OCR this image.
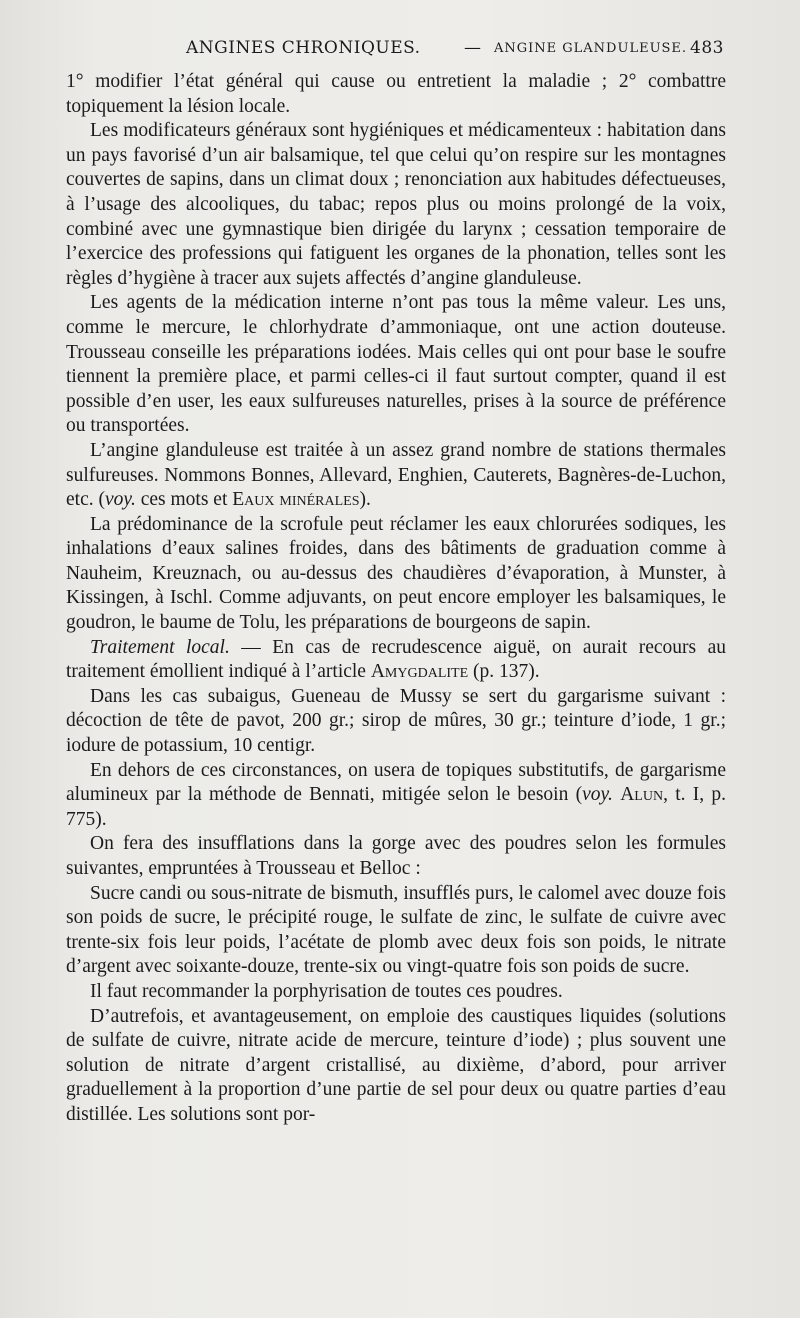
ANGINES CHRONIQUES.	— ANGINE GLANDULEUSE. 483

1° modifier l’état général qui cause ou entretient la maladie ; 2° combattre topiquement la lésion locale.

Les modificateurs généraux sont hygiéniques et médicamenteux : habitation dans un pays favorisé d’un air balsamique, tel que celui qu’on respire sur les montagnes couvertes de sapins, dans un climat doux ; renonciation aux habitudes défectueuses, à l’usage des alcooliques, du tabac; repos plus ou moins prolongé de la voix, combiné avec une gymnastique bien dirigée du larynx ; cessation temporaire de l’exercice des professions qui fatiguent les organes de la phonation, telles sont les règles d’hygiène à tracer aux sujets affectés d’angine glanduleuse.

Les agents de la médication interne n’ont pas tous la même valeur. Les uns, comme le mercure, le chlorhydrate d’ammoniaque, ont une action douteuse. Trousseau conseille les préparations iodées. Mais celles qui ont pour base le soufre tiennent la première place, et parmi celles-ci il faut surtout compter, quand il est possible d’en user, les eaux sulfureuses naturelles, prises à la source de préférence ou transportées.

L’angine glanduleuse est traitée à un assez grand nombre de stations thermales sulfureuses. Nommons Bonnes, Allevard, Enghien, Cauterets, Bagnères-de-Luchon, etc. (voy. ces mots et Eaux minérales).

La prédominance de la scrofule peut réclamer les eaux chlorurées sodiques, les inhalations d’eaux salines froides, dans des bâtiments de graduation comme à Nauheim, Kreuznach, ou au-dessus des chaudières d’évaporation, à Munster, à Kissingen, à Ischl. Comme adjuvants, on peut encore employer les balsamiques, le goudron, le baume de Tolu, les préparations de bourgeons de sapin.

Traitement local. — En cas de recrudescence aiguë, on aurait recours au traitement émollient indiqué à l’article Amygdalite (p. 137).

Dans les cas subaigus, Gueneau de Mussy se sert du gargarisme suivant : décoction de tête de pavot, 200 gr.; sirop de mûres, 30 gr.; teinture d’iode, 1 gr.; iodure de potassium, 10 centigr.

En dehors de ces circonstances, on usera de topiques substitutifs, de gargarisme alumineux par la méthode de Bennati, mitigée selon le besoin (voy. Alun, t. I, p. 775).

On fera des insufflations dans la gorge avec des poudres selon les formules suivantes, empruntées à Trousseau et Belloc :

Sucre candi ou sous-nitrate de bismuth, insufflés purs, le calomel avec douze fois son poids de sucre, le précipité rouge, le sulfate de zinc, le sulfate de cuivre avec trente-six fois leur poids, l’acétate de plomb avec deux fois son poids, le nitrate d’argent avec soixante-douze, trente-six ou vingt-quatre fois son poids de sucre.

Il faut recommander la porphyrisation de toutes ces poudres.

D’autrefois, et avantageusement, on emploie des caustiques liquides (solutions de sulfate de cuivre, nitrate acide de mercure, teinture d’iode) ; plus souvent une solution de nitrate d’argent cristallisé, au dixième, d’abord, pour arriver graduellement à la proportion d’une partie de sel pour deux ou quatre parties d’eau distillée. Les solutions sont por-
